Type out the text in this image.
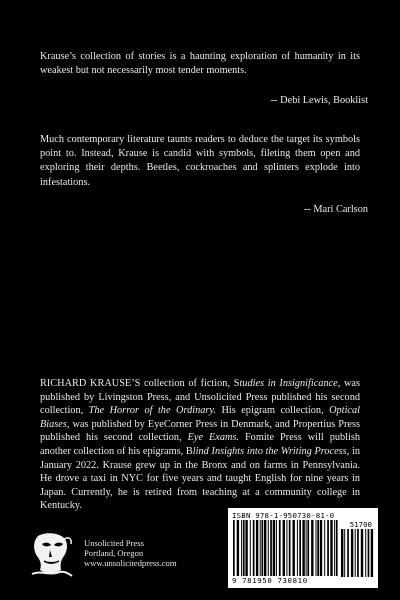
Krause’s collection of stories is a haunting exploration of humanity in its weakest but not necessarily most tender moments.
-- Debi Lewis, Booklist
Much contemporary literature taunts readers to deduce the target its symbols point to. Instead, Krause is candid with symbols, fileting them open and exploring their depths. Beetles, cockroaches and splinters explode into infestations.
-- Mari Carlson
RICHARD KRAUSE’S collection of fiction, Studies in Insignificance, was published by Livingston Press, and Unsolicited Press published his second collection, The Horror of the Ordinary. His epigram collection, Optical Biases, was published by EyeCorner Press in Denmark, and Propertius Press published his second collection, Eye Exams. Fomite Press will publish another collection of his epigrams, Blind Insights into the Writing Process, in January 2022. Krause grew up in the Bronx and on farms in Pennsylvania. He drove a taxi in NYC for five years and taught English for nine years in Japan. Currently, he is retired from teaching at a community college in Kentucky.
Unsolicited Press
Portland, Oregon
www.unsolicitedpress.com
ISBN 978-1-950730-81-0
51700
9 781950 730810
